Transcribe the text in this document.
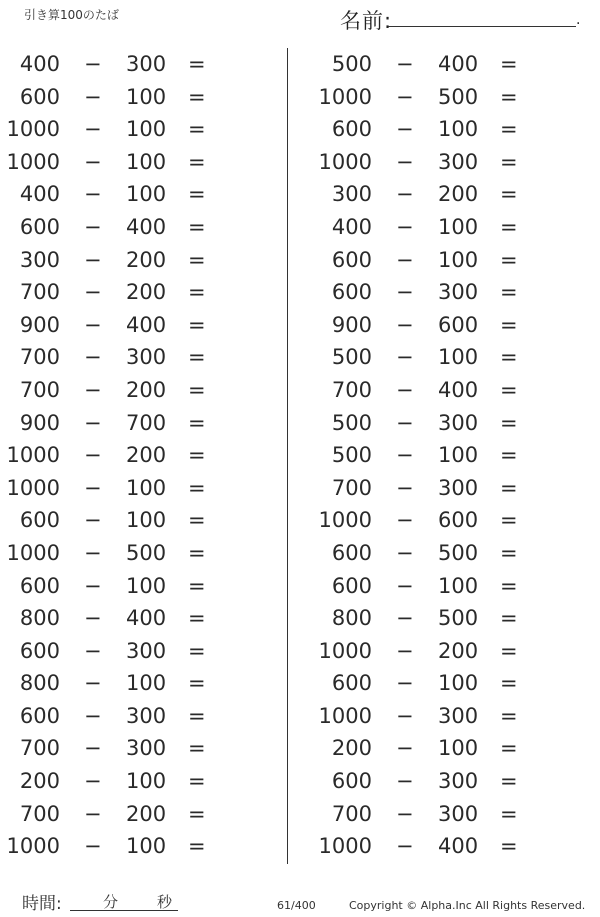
引き算100のたば	名前:	.
400 − 300 =
600 − 100 =
1000 − 100 =
1000 − 100 =
400 − 100 =
600 − 400 =
300 − 200 =
700 − 200 =
900 − 400 =
700 − 300 =
700 − 200 =
900 − 700 =
1000 − 200 =
1000 − 100 =
600 − 100 =
1000 − 500 =
600 − 100 =
800 − 400 =
600 − 300 =
800 − 100 =
600 − 300 =
700 − 300 =
200 − 100 =
700 − 200 =
1000 − 100 =
500 − 400 =
1000 − 500 =
600 − 100 =
1000 − 300 =
300 − 200 =
400 − 100 =
600 − 100 =
600 − 300 =
900 − 600 =
500 − 100 =
700 − 400 =
500 − 300 =
500 − 100 =
700 − 300 =
1000 − 600 =
600 − 500 =
600 − 100 =
800 − 500 =
1000 − 200 =
600 − 100 =
1000 − 300 =
200 − 100 =
600 − 300 =
700 − 300 =
1000 − 400 =
時間:	分	秒	61/400	Copyright © Alpha.Inc All Rights Reserved.
